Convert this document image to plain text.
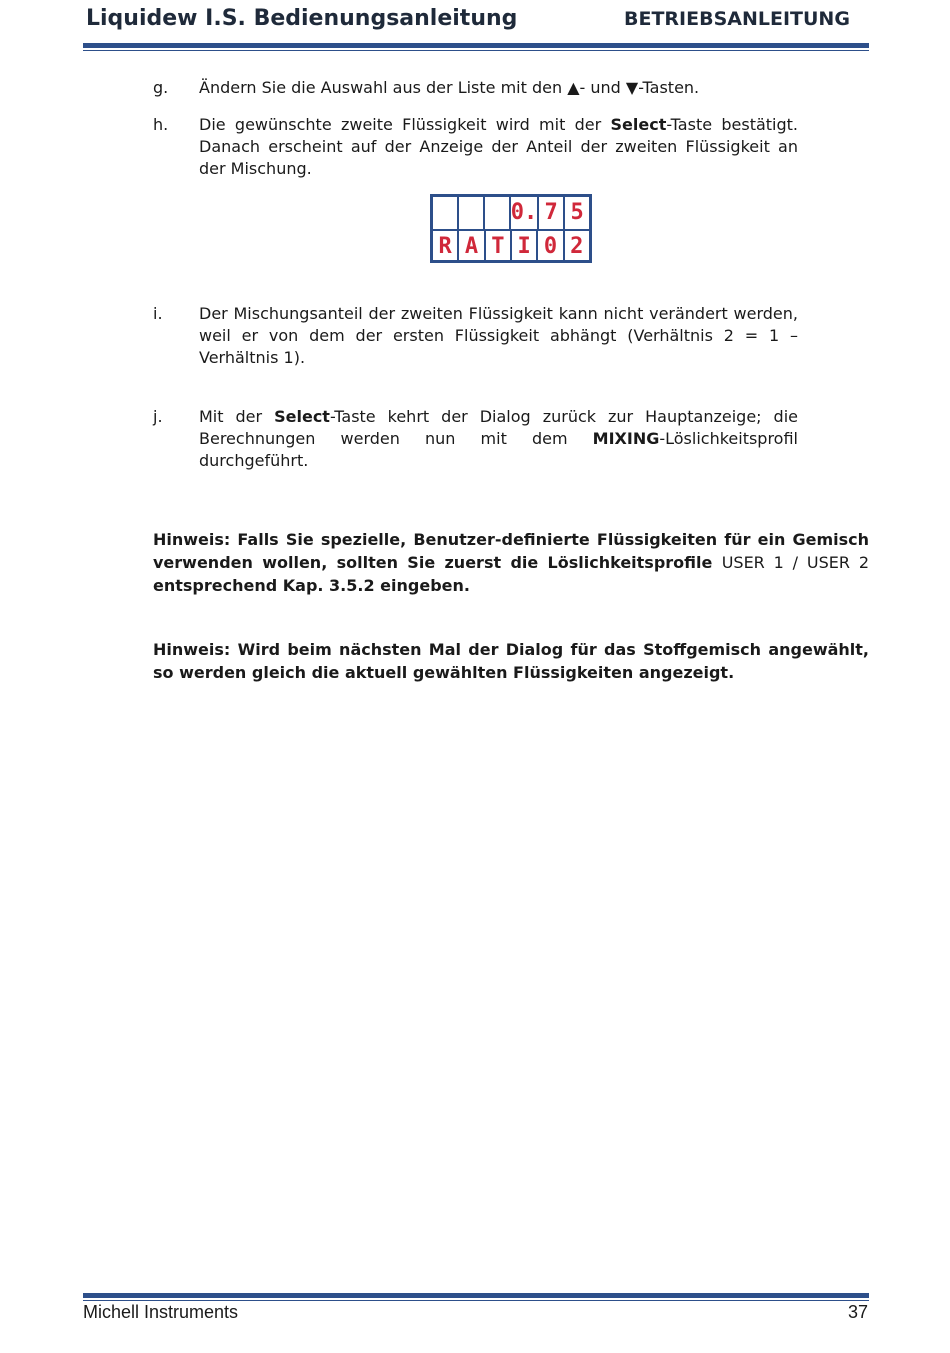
Liquidew I.S. Bedienungsanleitung	BETRIEBSANLEITUNG
g. Ändern Sie die Auswahl aus der Liste mit den ▲- und ▼-Tasten.
h. Die gewünschte zweite Flüssigkeit wird mit der Select-Taste bestätigt. Danach erscheint auf der Anzeige der Anteil der zweiten Flüssigkeit an der Mischung.
0. 7 5
R A T I 0 2
i. Der Mischungsanteil der zweiten Flüssigkeit kann nicht verändert werden, weil er von dem der ersten Flüssigkeit abhängt (Verhältnis 2 = 1 – Verhältnis 1).
j. Mit der Select-Taste kehrt der Dialog zurück zur Hauptanzeige; die Berechnungen werden nun mit dem MIXING-Löslichkeitsprofil durchgeführt.
Hinweis: Falls Sie spezielle, Benutzer-definierte Flüssigkeiten für ein Gemisch verwenden wollen, sollten Sie zuerst die Löslichkeitsprofile USER 1 / USER 2 entsprechend Kap. 3.5.2 eingeben.
Hinweis: Wird beim nächsten Mal der Dialog für das Stoffgemisch angewählt, so werden gleich die aktuell gewählten Flüssigkeiten angezeigt.
Michell Instruments	37
